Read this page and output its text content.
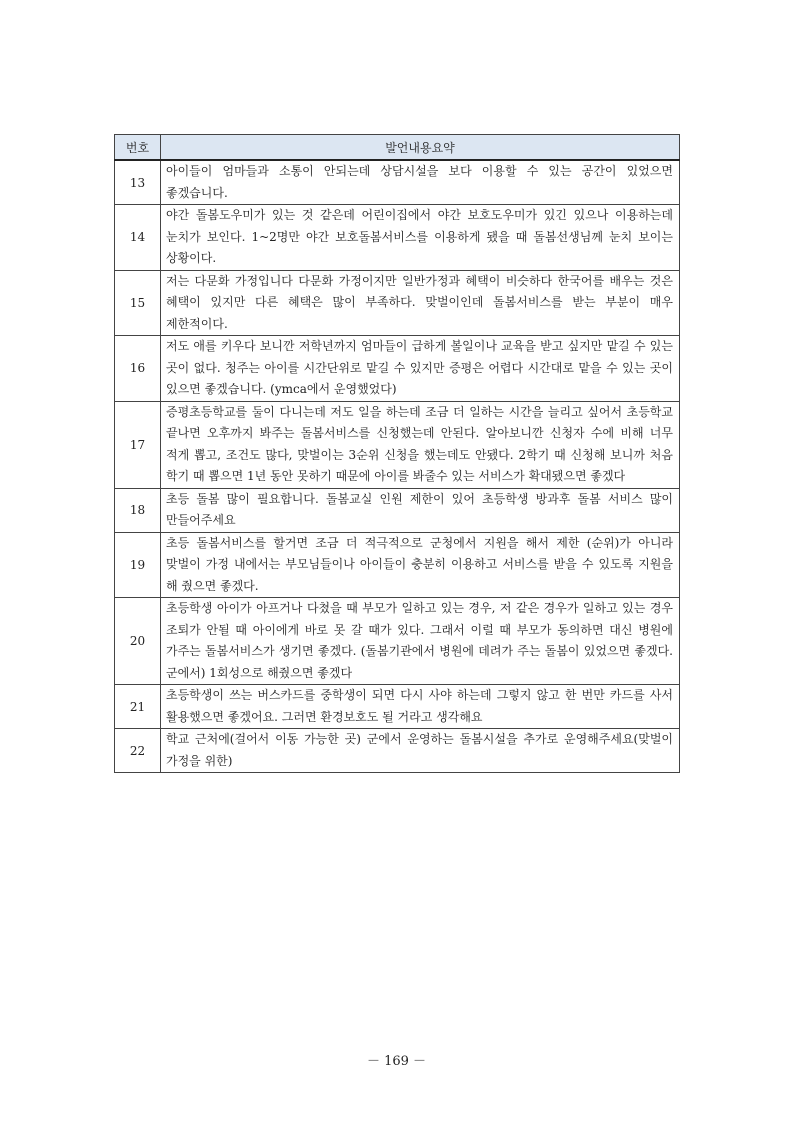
번호	발언내용요약
13	아이들이 엄마들과 소통이 안되는데 상담시설을 보다 이용할 수 있는 공간이 있었으면 좋겠습니다.
14	야간 돌봄도우미가 있는 것 같은데 어린이집에서 야간 보호도우미가 있긴 있으나 이용하는데 눈치가 보인다. 1~2명만 야간 보호돌봄서비스를 이용하게 됐을 때 돌봄선생님께 눈치 보이는 상황이다.
15	저는 다문화 가정입니다 다문화 가정이지만 일반가정과 혜택이 비슷하다 한국어를 배우는 것은 혜택이 있지만 다른 혜택은 많이 부족하다. 맞벌이인데 돌봄서비스를 받는 부분이 매우 제한적이다.
16	저도 애를 키우다 보니깐 저학년까지 엄마들이 급하게 볼일이나 교육을 받고 싶지만 맡길 수 있는 곳이 없다. 청주는 아이를 시간단위로 맡길 수 있지만 증평은 어렵다 시간대로 맡을 수 있는 곳이 있으면 좋겠습니다. (ymca에서 운영했었다)
17	증평초등학교를 둘이 다니는데 저도 일을 하는데 조금 더 일하는 시간을 늘리고 싶어서 초등학교 끝나면 오후까지 봐주는 돌봄서비스를 신청했는데 안된다. 알아보니깐 신청자 수에 비해 너무 적게 뽑고, 조건도 많다, 맞벌이는 3순위 신청을 했는데도 안됐다. 2학기 때 신청해 보니까 처음 학기 때 뽑으면 1년 동안 못하기 때문에 아이를 봐줄수 있는 서비스가 확대됐으면 좋겠다
18	초등 돌봄 많이 필요합니다. 돌봄교실 인원 제한이 있어 초등학생 방과후 돌봄 서비스 많이 만들어주세요
19	초등 돌봄서비스를 할거면 조금 더 적극적으로 군청에서 지원을 해서 제한 (순위)가 아니라 맞벌이 가정 내에서는 부모님들이나 아이들이 충분히 이용하고 서비스를 받을 수 있도록 지원을 해 줬으면 좋겠다.
20	초등학생 아이가 아프거나 다쳤을 때 부모가 일하고 있는 경우, 저 같은 경우가 일하고 있는 경우 조퇴가 안될 때 아이에게 바로 못 갈 때가 있다. 그래서 이럴 때 부모가 동의하면 대신 병원에 가주는 돌봄서비스가 생기면 좋겠다. (돌봄기관에서 병원에 데려가 주는 돌봄이 있었으면 좋겠다. 군에서) 1회성으로 해줬으면 좋겠다
21	초등학생이 쓰는 버스카드를 중학생이 되면 다시 사야 하는데 그렇지 않고 한 번만 카드를 사서 활용했으면 좋겠어요. 그러면 환경보호도 될 거라고 생각해요
22	학교 근처에(걸어서 이동 가능한 곳) 군에서 운영하는 돌봄시설을 추가로 운영해주세요(맞벌이 가정을 위한)
－ 169 －
